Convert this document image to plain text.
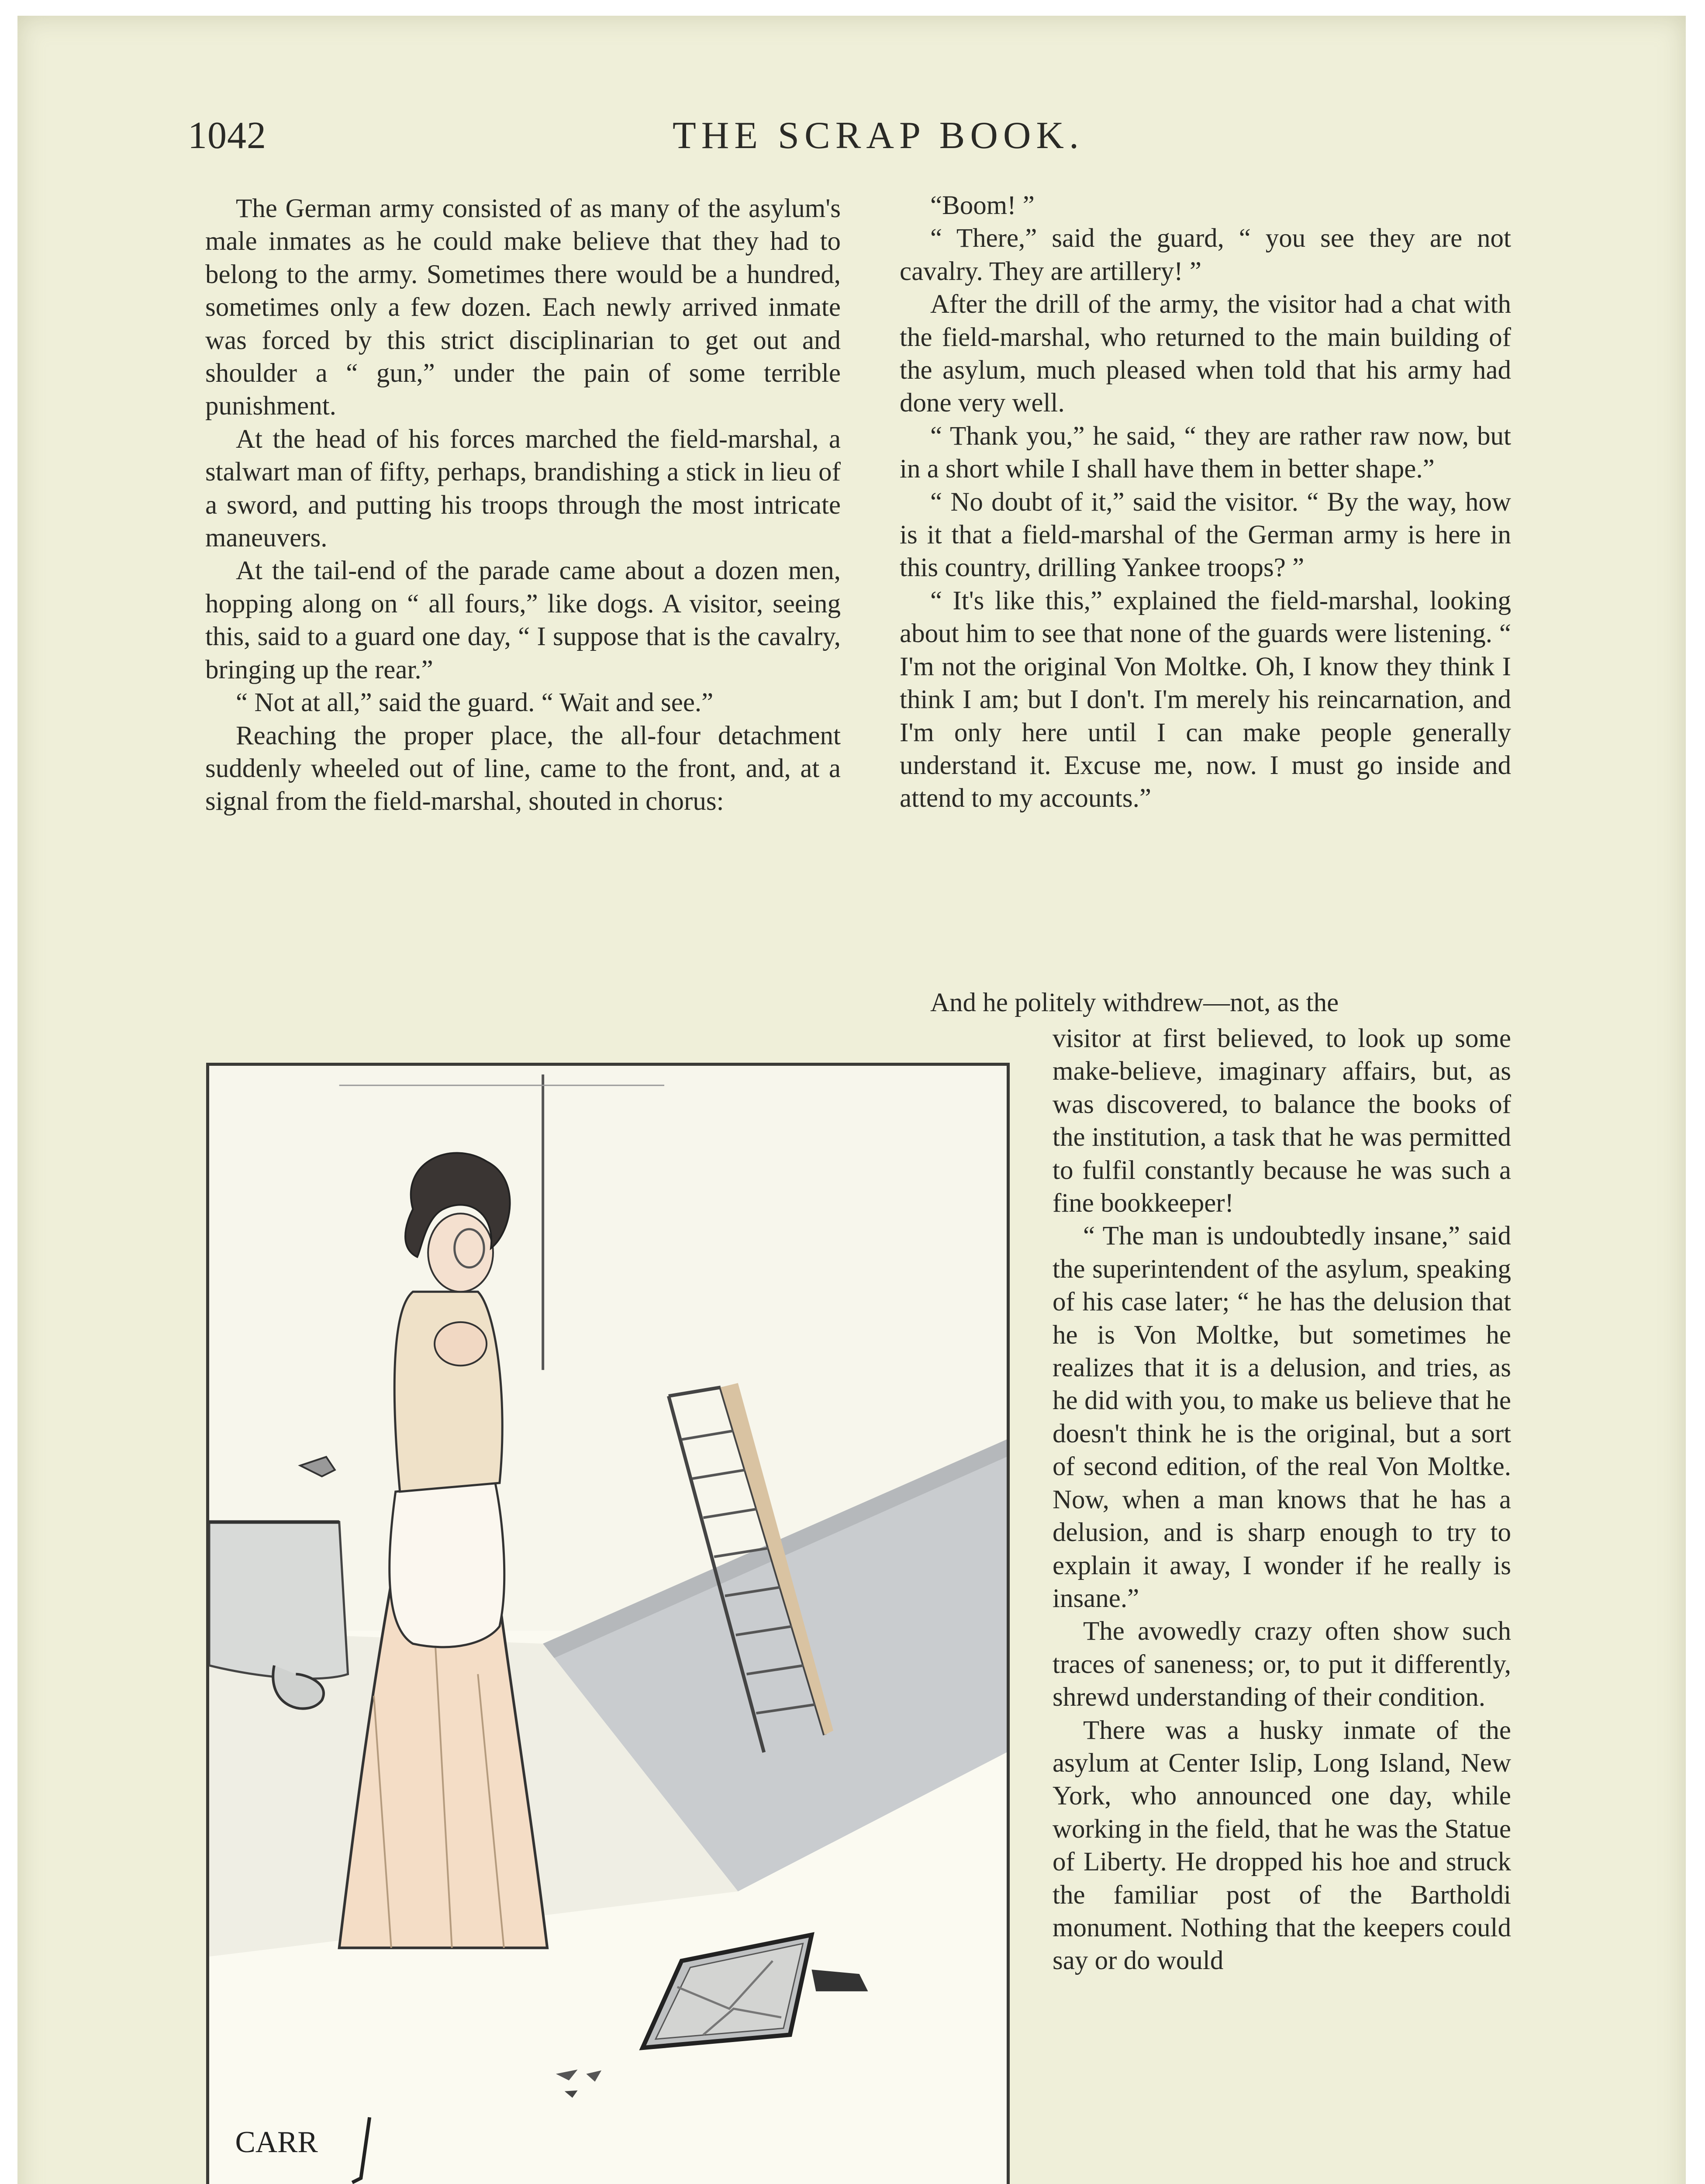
1042	THE SCRAP BOOK.

The German army consisted of as many of the asylum's male inmates as he could make believe that they had to belong to the army. Sometimes there would be a hundred, sometimes only a few dozen. Each newly arrived inmate was forced by this strict disciplinarian to get out and shoulder a “ gun,” under the pain of some terrible punishment.

At the head of his forces marched the field-marshal, a stalwart man of fifty, perhaps, brandishing a stick in lieu of a sword, and putting his troops through the most intricate maneuvers.

At the tail-end of the parade came about a dozen men, hopping along on “ all fours,” like dogs. A visitor, seeing this, said to a guard one day, “ I suppose that is the cavalry, bringing up the rear.”

“ Not at all,” said the guard. “ Wait and see.”

Reaching the proper place, the all-four detachment suddenly wheeled out of line, came to the front, and, at a signal from the field-marshal, shouted in chorus:

“Boom! ”

“ There,” said the guard, “ you see they are not cavalry. They are artillery! ”

After the drill of the army, the visitor had a chat with the field-marshal, who returned to the main building of the asylum, much pleased when told that his army had done very well.

“ Thank you,” he said, “ they are rather raw now, but in a short while I shall have them in better shape.”

“ No doubt of it,” said the visitor. “ By the way, how is it that a field-marshal of the German army is here in this country, drilling Yankee troops? ”

“ It's like this,” explained the field-marshal, looking about him to see that none of the guards were listening. “ I'm not the original Von Moltke. Oh, I know they think I think I am; but I don't. I'm merely his reincarnation, and I'm only here until I can make people generally understand it. Excuse me, now. I must go inside and attend to my accounts.”

And he politely withdrew—not, as the

visitor at first believed, to look up some make-believe, imaginary affairs, but, as was discovered, to balance the books of the institution, a task that he was permitted to fulfil constantly because he was such a fine bookkeeper!

“ The man is undoubtedly insane,” said the superintendent of the asylum, speaking of his case later; “ he has the delusion that he is Von Moltke, but sometimes he realizes that it is a delusion, and tries, as he did with you, to make us believe that he doesn't think he is the original, but a sort of second edition, of the real Von Moltke. Now, when a man knows that he has a delusion, and is sharp enough to try to explain it away, I wonder if he really is insane.”

The avowedly crazy often show such traces of saneness; or, to put it differently, shrewd understanding of their condition.

There was a husky inmate of the asylum at Center Islip, Long Island, New York, who announced one day, while working in the field, that he was the Statue of Liberty. He dropped his hoe and struck the familiar post of the Bartholdi monument. Nothing that the keepers could say or do would

CARR
